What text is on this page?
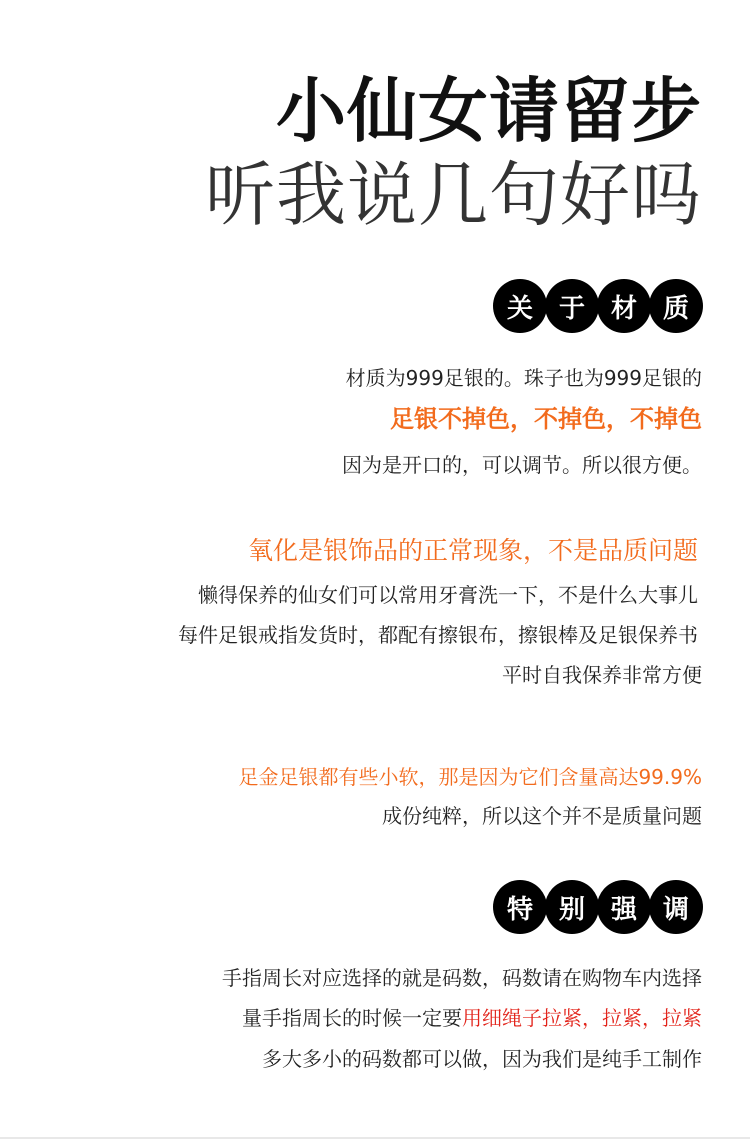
小仙女请留步
听我说几句好吗
关 于 材 质
材质为999足银的。珠子也为999足银的
足银不掉色，不掉色，不掉色
因为是开口的，可以调节。所以很方便。
氧化是银饰品的正常现象，不是品质问题
懒得保养的仙女们可以常用牙膏洗一下，不是什么大事儿
每件足银戒指发货时，都配有擦银布，擦银棒及足银保养书
平时自我保养非常方便
足金足银都有些小软，那是因为它们含量高达99.9%
成份纯粹，所以这个并不是质量问题
特 别 强 调
手指周长对应选择的就是码数，码数请在购物车内选择
量手指周长的时候一定要用细绳子拉紧，拉紧，拉紧
多大多小的码数都可以做，因为我们是纯手工制作
